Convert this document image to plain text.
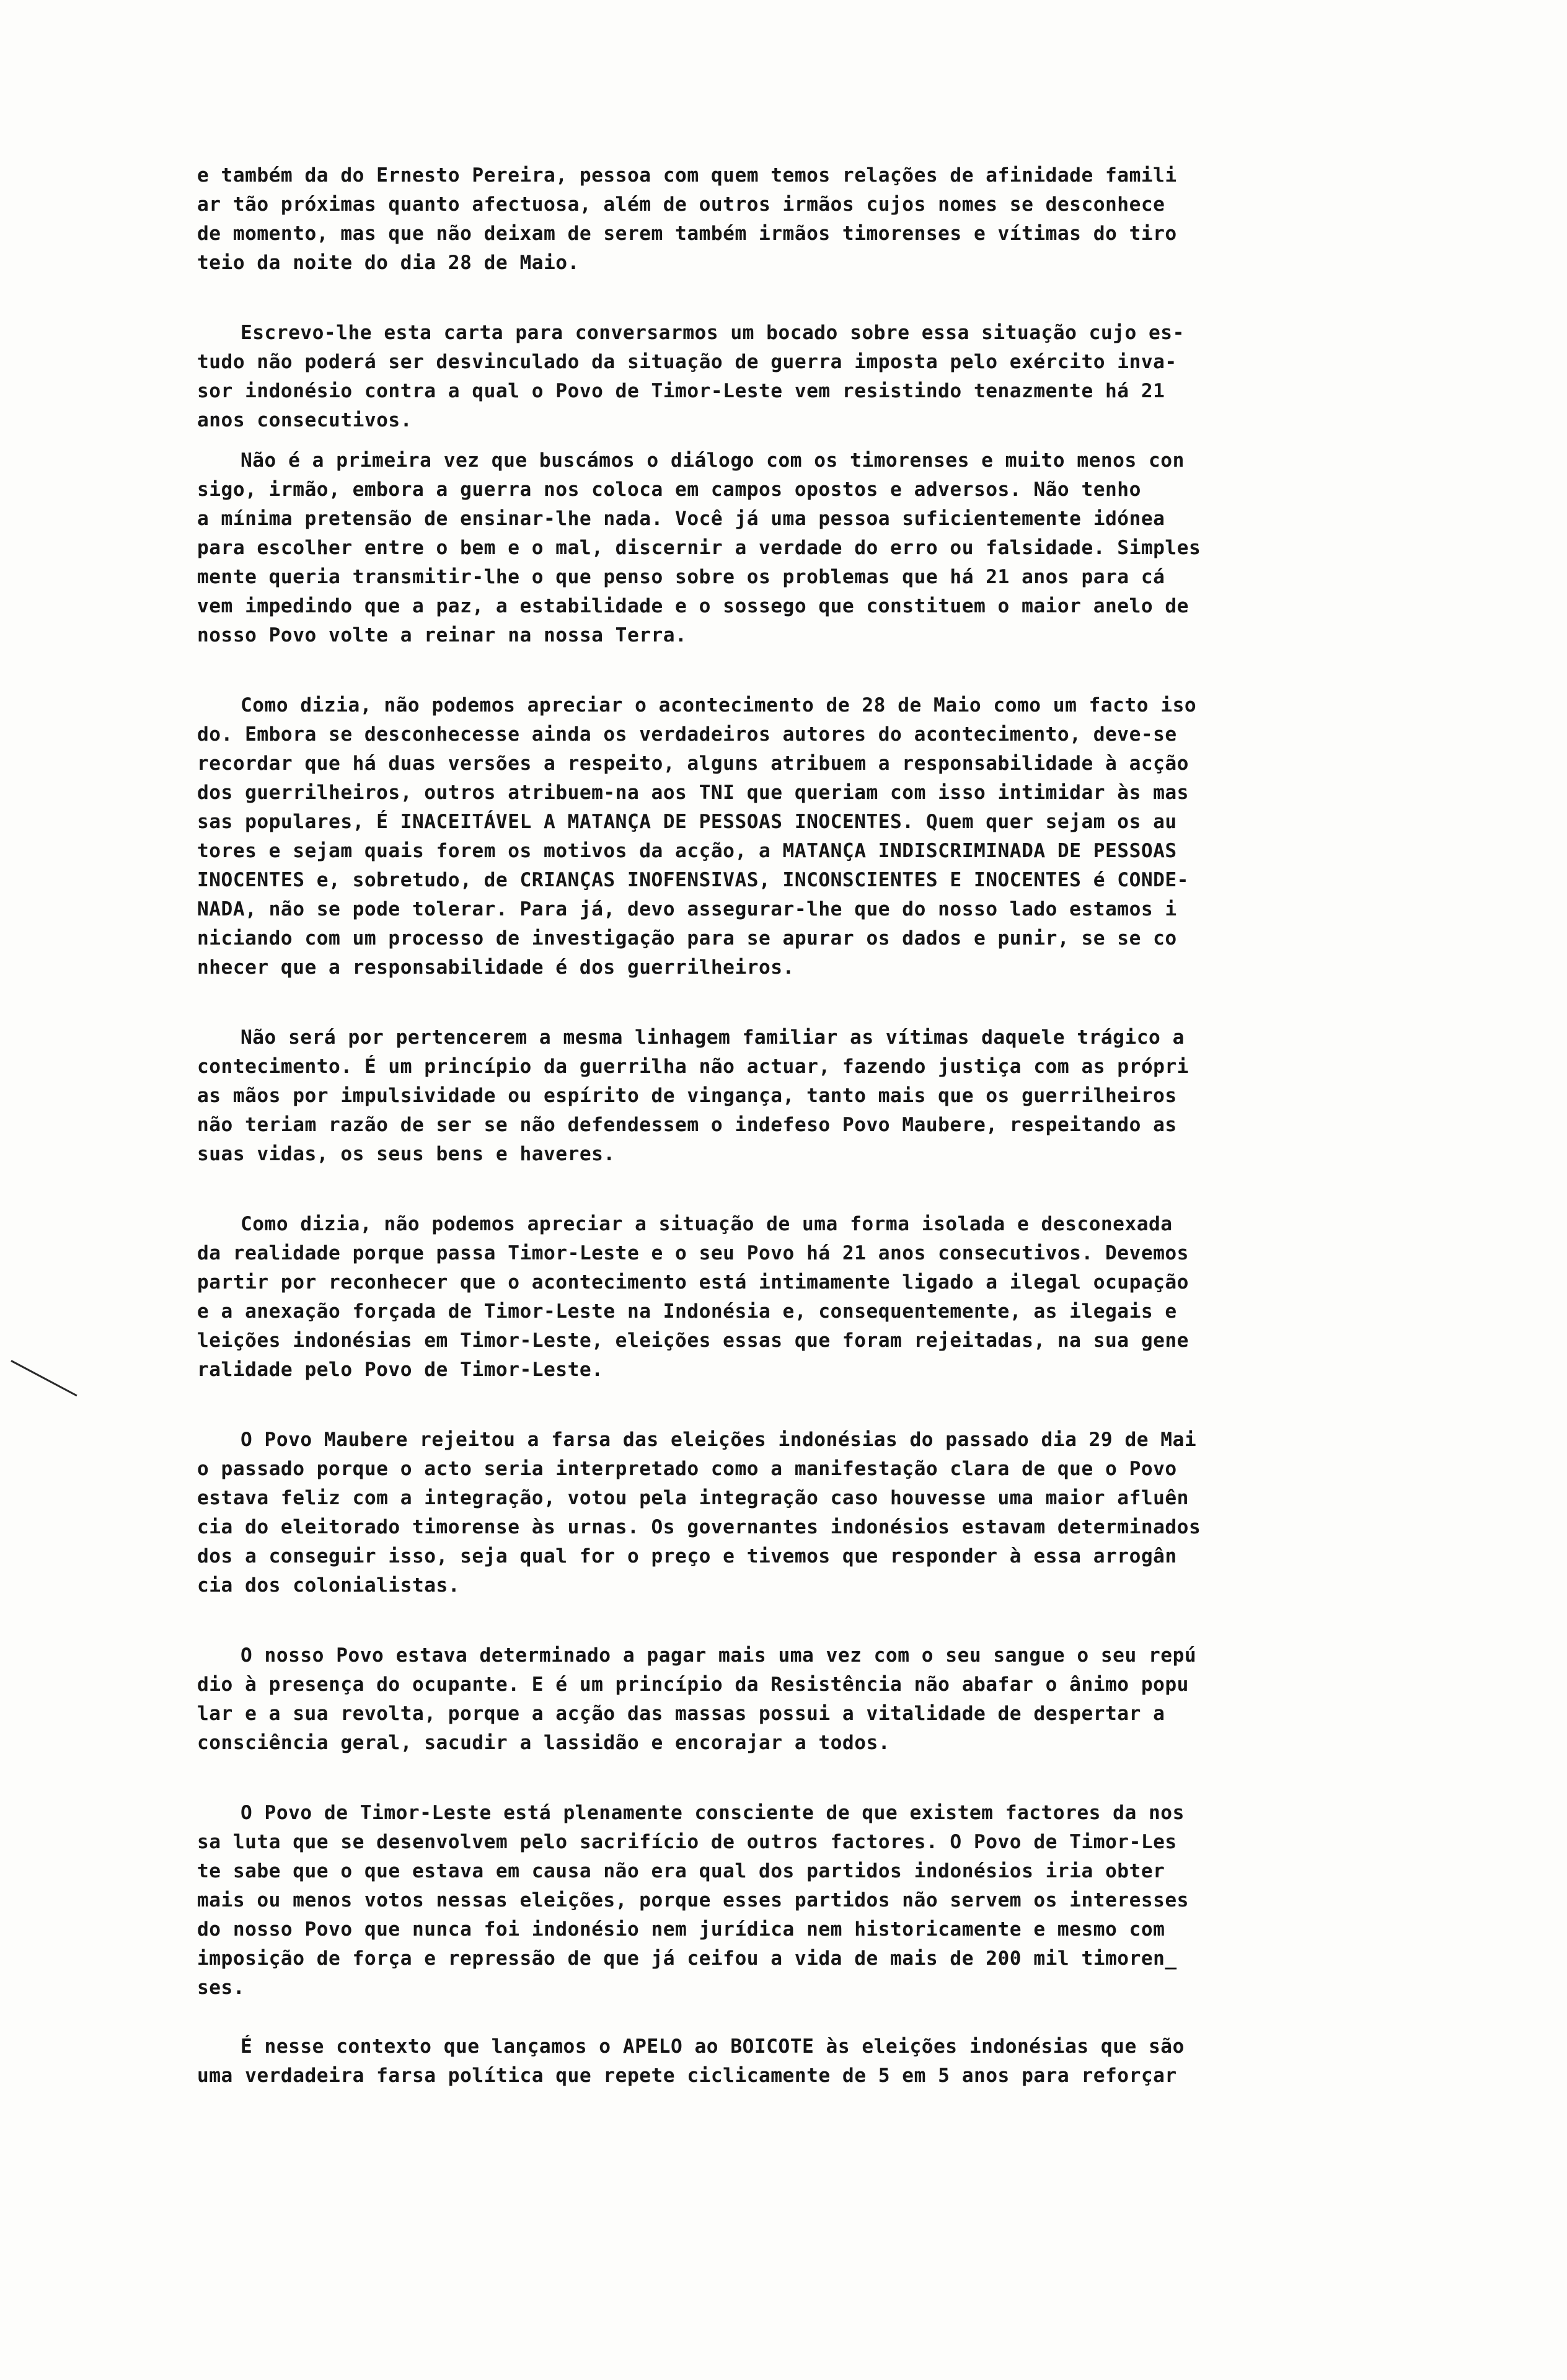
e também da do Ernesto Pereira, pessoa com quem temos relações de afinidade famili
ar tão próximas quanto afectuosa, além de outros irmãos cujos nomes se desconhece
de momento, mas que não deixam de serem também irmãos timorenses e vítimas do tiro
teio da noite do dia 28 de Maio.

Escrevo-lhe esta carta para conversarmos um bocado sobre essa situação cujo es-
tudo não poderá ser desvinculado da situação de guerra imposta pelo exército inva-
sor indonésio contra a qual o Povo de Timor-Leste vem resistindo tenazmente há 21
anos consecutivos.

Não é a primeira vez que buscámos o diálogo com os timorenses e muito menos con
sigo, irmão, embora a guerra nos coloca em campos opostos e adversos. Não tenho
a mínima pretensão de ensinar-lhe nada. Você já uma pessoa suficientemente idónea
para escolher entre o bem e o mal, discernir a verdade do erro ou falsidade. Simples
mente queria transmitir-lhe o que penso sobre os problemas que há 21 anos para cá
vem impedindo que a paz, a estabilidade e o sossego que constituem o maior anelo de
nosso Povo volte a reinar na nossa Terra.

Como dizia, não podemos apreciar o acontecimento de 28 de Maio como um facto iso
do. Embora se desconhecesse ainda os verdadeiros autores do acontecimento, deve-se
recordar que há duas versões a respeito, alguns atribuem a responsabilidade à acção
dos guerrilheiros, outros atribuem-na aos TNI que queriam com isso intimidar às mas
sas populares, É INACEITÁVEL A MATANÇA DE PESSOAS INOCENTES. Quem quer sejam os au
tores e sejam quais forem os motivos da acção, a MATANÇA INDISCRIMINADA DE PESSOAS
INOCENTES e, sobretudo, de CRIANÇAS INOFENSIVAS, INCONSCIENTES E INOCENTES é CONDE-
NADA, não se pode tolerar. Para já, devo assegurar-lhe que do nosso lado estamos i
niciando com um processo de investigação para se apurar os dados e punir, se se co
nhecer que a responsabilidade é dos guerrilheiros.

Não será por pertencerem a mesma linhagem familiar as vítimas daquele trágico a
contecimento. É um princípio da guerrilha não actuar, fazendo justiça com as própri
as mãos por impulsividade ou espírito de vingança, tanto mais que os guerrilheiros
não teriam razão de ser se não defendessem o indefeso Povo Maubere, respeitando as
suas vidas, os seus bens e haveres.

Como dizia, não podemos apreciar a situação de uma forma isolada e desconexada
da realidade porque passa Timor-Leste e o seu Povo há 21 anos consecutivos. Devemos
partir por reconhecer que o acontecimento está intimamente ligado a ilegal ocupação
e a anexação forçada de Timor-Leste na Indonésia e, consequentemente, as ilegais e
leições indonésias em Timor-Leste, eleições essas que foram rejeitadas, na sua gene
ralidade pelo Povo de Timor-Leste.

O Povo Maubere rejeitou a farsa das eleições indonésias do passado dia 29 de Mai
o passado porque o acto seria interpretado como a manifestação clara de que o Povo
estava feliz com a integração, votou pela integração caso houvesse uma maior afluên
cia do eleitorado timorense às urnas. Os governantes indonésios estavam determinados
dos a conseguir isso, seja qual for o preço e tivemos que responder à essa arrogân
cia dos colonialistas.

O nosso Povo estava determinado a pagar mais uma vez com o seu sangue o seu repú
dio à presença do ocupante. E é um princípio da Resistência não abafar o ânimo popu
lar e a sua revolta, porque a acção das massas possui a vitalidade de despertar a
consciência geral, sacudir a lassidão e encorajar a todos.

O Povo de Timor-Leste está plenamente consciente de que existem factores da nos
sa luta que se desenvolvem pelo sacrifício de outros factores. O Povo de Timor-Les
te sabe que o que estava em causa não era qual dos partidos indonésios iria obter
mais ou menos votos nessas eleições, porque esses partidos não servem os interesses
do nosso Povo que nunca foi indonésio nem jurídica nem historicamente e mesmo com
imposição de força e repressão de que já ceifou a vida de mais de 200 mil timoren_
ses.

É nesse contexto que lançamos o APELO ao BOICOTE às eleições indonésias que são
uma verdadeira farsa política que repete ciclicamente de 5 em 5 anos para reforçar
